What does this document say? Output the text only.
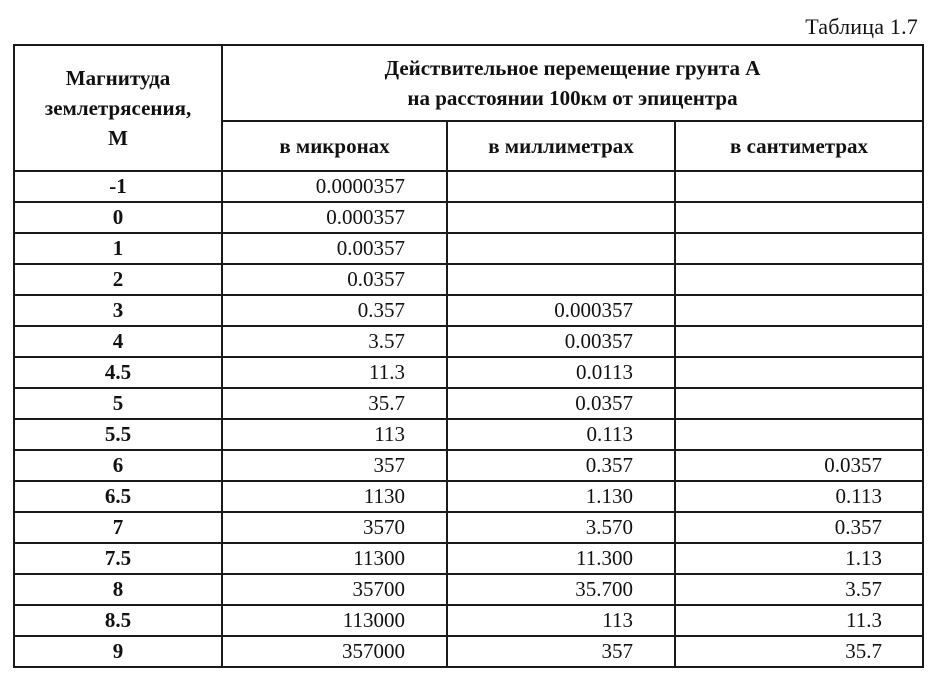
Таблица 1.7
Магнитуда
землетрясения,
М	Действительное перемещение грунта А
на расстоянии 100км от эпицентра		
	в микронах	в миллиметрах	в сантиметрах
-1	0.0000357		
0	0.000357		
1	0.00357		
2	0.0357		
3	0.357	0.000357	
4	3.57	0.00357	
4.5	11.3	0.0113	
5	35.7	0.0357	
5.5	113	0.113	
6	357	0.357	0.0357
6.5	1130	1.130	0.113
7	3570	3.570	0.357
7.5	11300	11.300	1.13
8	35700	35.700	3.57
8.5	113000	113	11.3
9	357000	357	35.7
